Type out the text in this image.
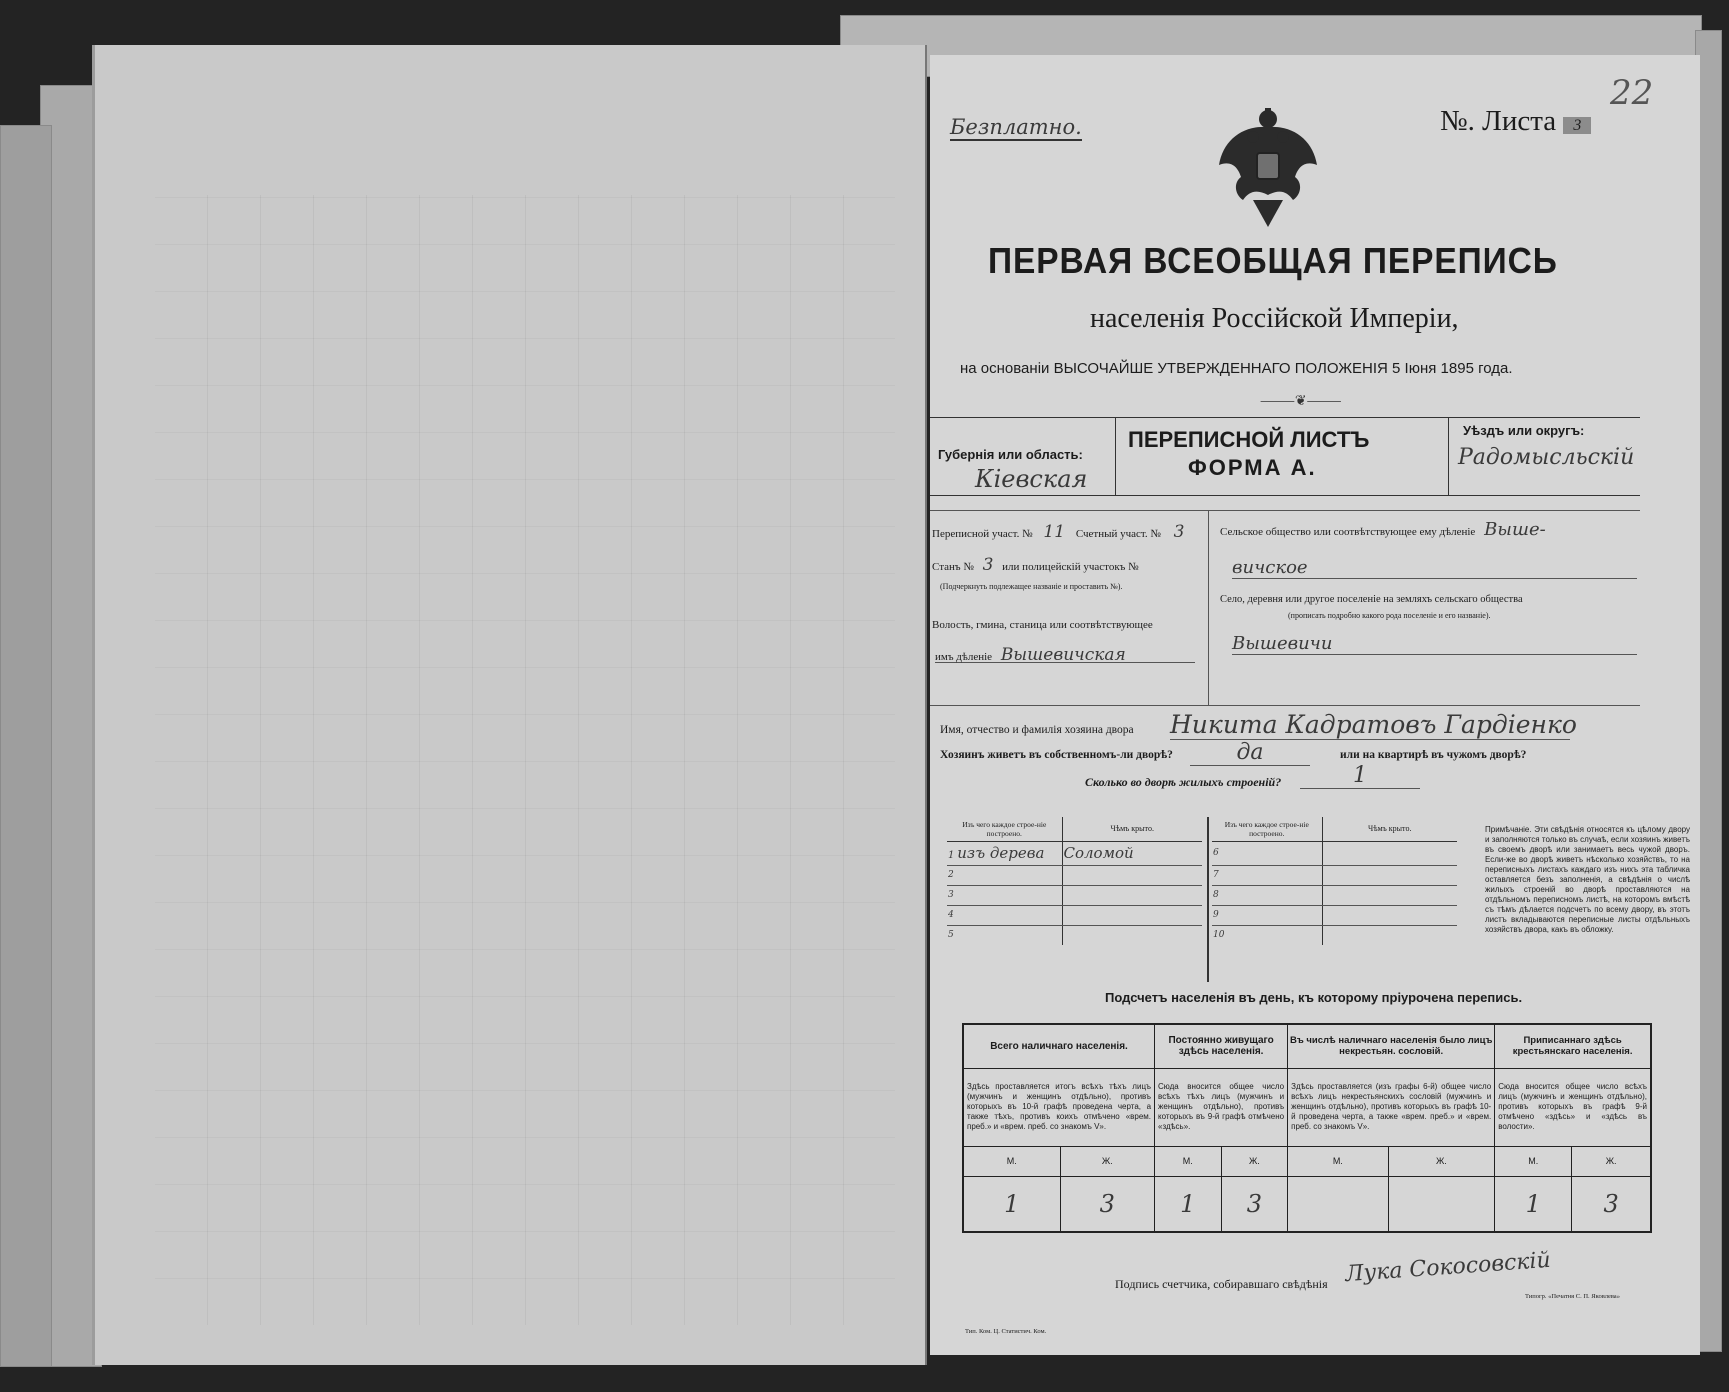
Безплатно.	№. Листа 3
22
ПЕРВАЯ ВСЕОБЩАЯ ПЕРЕПИСЬ
населенія Россійской Имперіи,
на основаніи ВЫСОЧАЙШЕ УТВЕРЖДЕННАГО ПОЛОЖЕНІЯ 5 Іюня 1895 года.
⸻❦⸻
Губернія или область:
Кіевская
ПЕРЕПИСНОЙ ЛИСТЪ
ФОРМА А.
Уѣздъ или округъ:
Радомысльскій
Переписной участ. № 11 Счетный участ. № 3
Станъ № 3 или полицейскій участокъ №
(Подчеркнуть подлежащее названіе и проставить №).
Волость, гмина, станица или соотвѣтствующее
имъ дѣленіе Вышевичская
Сельское общество или соотвѣтствующее ему дѣленіе Выше-
вичское
Село, деревня или другое поселеніе на земляхъ сельскаго общества
(прописать подробно какого рода поселеніе и его названіе).
Вышевичи
Имя, отчество и фамилія хозяина двора Никита Кадратовъ Гардіенко
Хозяинъ живетъ въ собственномъ-ли дворѣ?	да	или на квартирѣ въ чужомъ дворѣ?
Сколько во дворѣ жилыхъ строеній?	1
Изъ чего каждое строе-ніе построено.	Чѣмъ крыто.
1 изъ дерева	Соломой
2	
3	
4	
5	
Изъ чего каждое строе-ніе построено.	Чѣмъ крыто.
6	
7	
8	
9	
10	
Примѣчаніе. Эти свѣдѣнія относятся къ цѣлому двору и заполняются только въ случаѣ, если хозяинъ живетъ въ своемъ дворѣ или занимаетъ весь чужой дворъ. Если-же во дворѣ живетъ нѣсколько хозяйствъ, то на переписныхъ листахъ каждаго изъ нихъ эта табличка оставляется безъ заполненія, а свѣдѣнія о числѣ жилыхъ строеній во дворѣ проставляются на отдѣльномъ переписномъ листѣ, на которомъ вмѣстѣ съ тѣмъ дѣлается подсчетъ по всему двору, въ этотъ листъ вкладываются переписные листы отдѣльныхъ хозяйствъ двора, какъ въ обложку.
Подсчетъ населенія въ день, къ которому пріурочена перепись.
Всего наличнаго населенія.		Постоянно живущаго здѣсь населенія.		Въ числѣ наличнаго населенія было лицъ некрестьян. сословій.		Приписаннаго здѣсь крестьянскаго населенія.	
Здѣсь проставляется итогъ всѣхъ тѣхъ лицъ (мужчинъ и женщинъ отдѣльно), противъ которыхъ въ 10-й графѣ проведена черта, а также тѣхъ, противъ коихъ отмѣчено «врем. преб.» и «врем. преб. со знакомъ V».		Сюда вносится общее число всѣхъ тѣхъ лицъ (мужчинъ и женщинъ отдѣльно), противъ которыхъ въ 9-й графѣ отмѣчено «здѣсь».		Здѣсь проставляется (изъ графы 6-й) общее число всѣхъ лицъ некрестьянскихъ сословій (мужчинъ и женщинъ отдѣльно), противъ которыхъ въ графѣ 10-й проведена черта, а также «врем. преб.» и «врем. преб. со знакомъ V».		Сюда вносится общее число всѣхъ лицъ (мужчинъ и женщинъ отдѣльно), противъ которыхъ въ графѣ 9-й отмѣчено «здѣсь» и «здѣсь въ волости».	
М.	Ж.	М.	Ж.	М.	Ж.	М.	Ж.
1	3	1	3			1	3
Подпись счетчика, собиравшаго свѣдѣнія Лука Сокосовскій
Тип. Ком. Ц. Статистич. Ком.
Типогр. «Печатня С. П. Яковлева»
